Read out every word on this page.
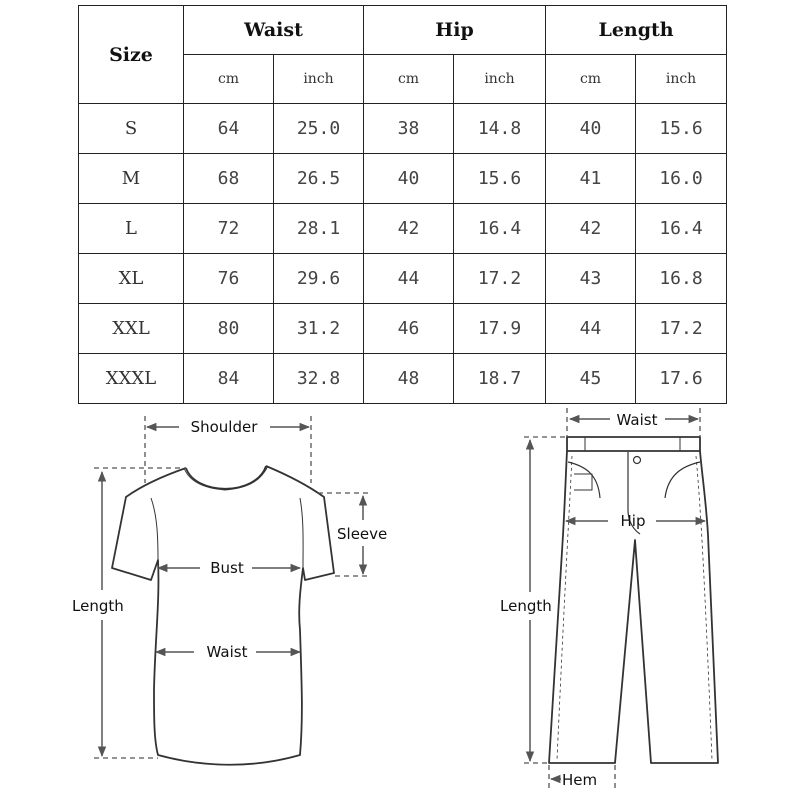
Size	Waist		Hip		Length	
	cm	inch	cm	inch	cm	inch
S	64	25.0	38	14.8	40	15.6
M	68	26.5	40	15.6	41	16.0
L	72	28.1	42	16.4	42	16.4
XL	76	29.6	44	17.2	43	16.8
XXL	80	31.2	46	17.9	44	17.2
XXXL	84	32.8	48	18.7	45	17.6
Shoulder
Sleeve
Bust
Length
Waist
Waist
Hip
Length
Hem
